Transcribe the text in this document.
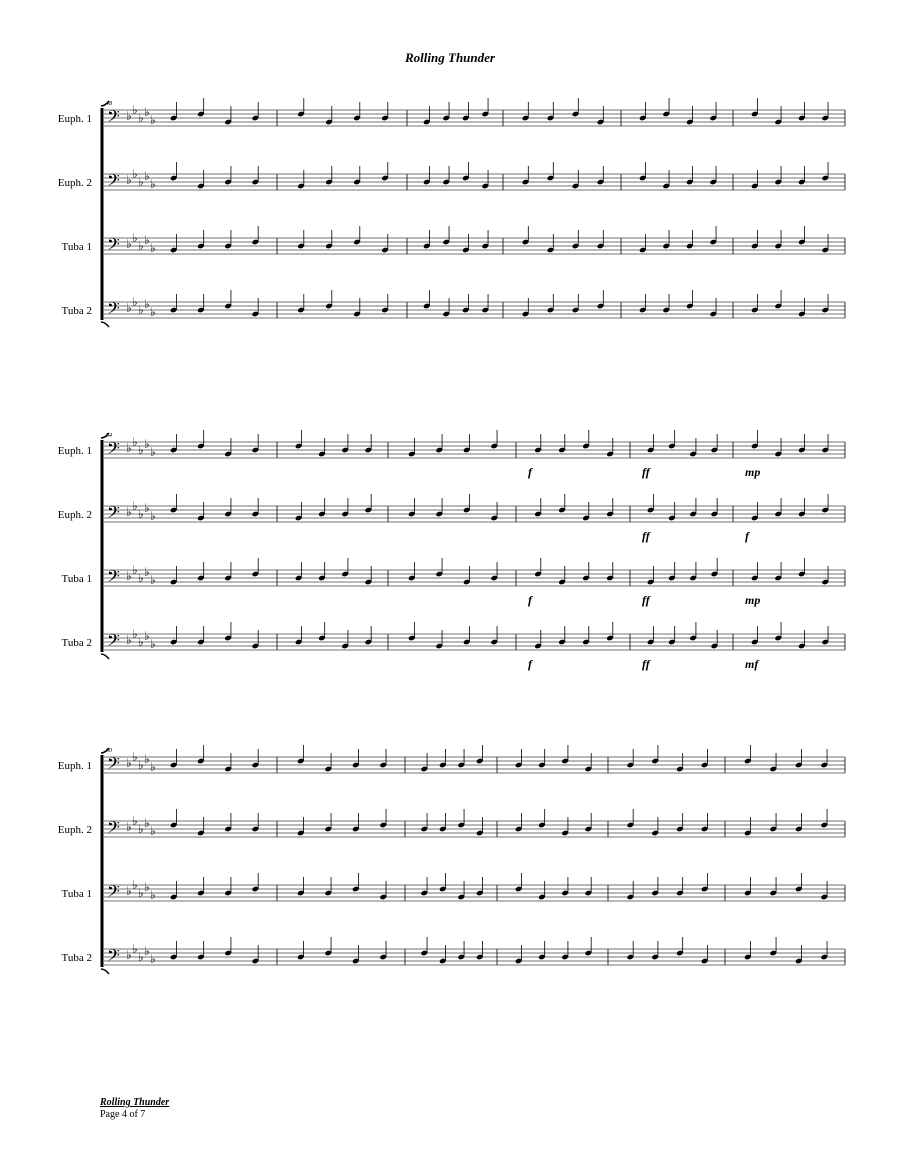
Rolling Thunder
48
Euph. 1 𝄢 ♭ ♭
♭ ♭
♭
Euph. 2 𝄢 ♭ ♭
♭ ♭
♭
Tuba 1 𝄢 ♭ ♭
♭ ♭
♭
Tuba 2 𝄢 ♭ ♭
♭ ♭
♭
54
Euph. 1 𝄢 ♭ ♭
♭ ♭
♭
Euph. 2 𝄢 ♭ ♭
♭ ♭
♭
Tuba 1 𝄢 ♭ ♭
♭ ♭
♭
Tuba 2 𝄢 ♭ ♭
♭ ♭
♭
f	ff	mp
ff	f
f	ff	mp
f	ff	mf
60
Euph. 1 𝄢 ♭ ♭
♭ ♭
♭
Euph. 2 𝄢 ♭ ♭
♭ ♭
♭
Tuba 1 𝄢 ♭ ♭
♭ ♭
♭
Tuba 2 𝄢 ♭ ♭
♭ ♭
♭
Rolling Thunder
Page 4 of 7
